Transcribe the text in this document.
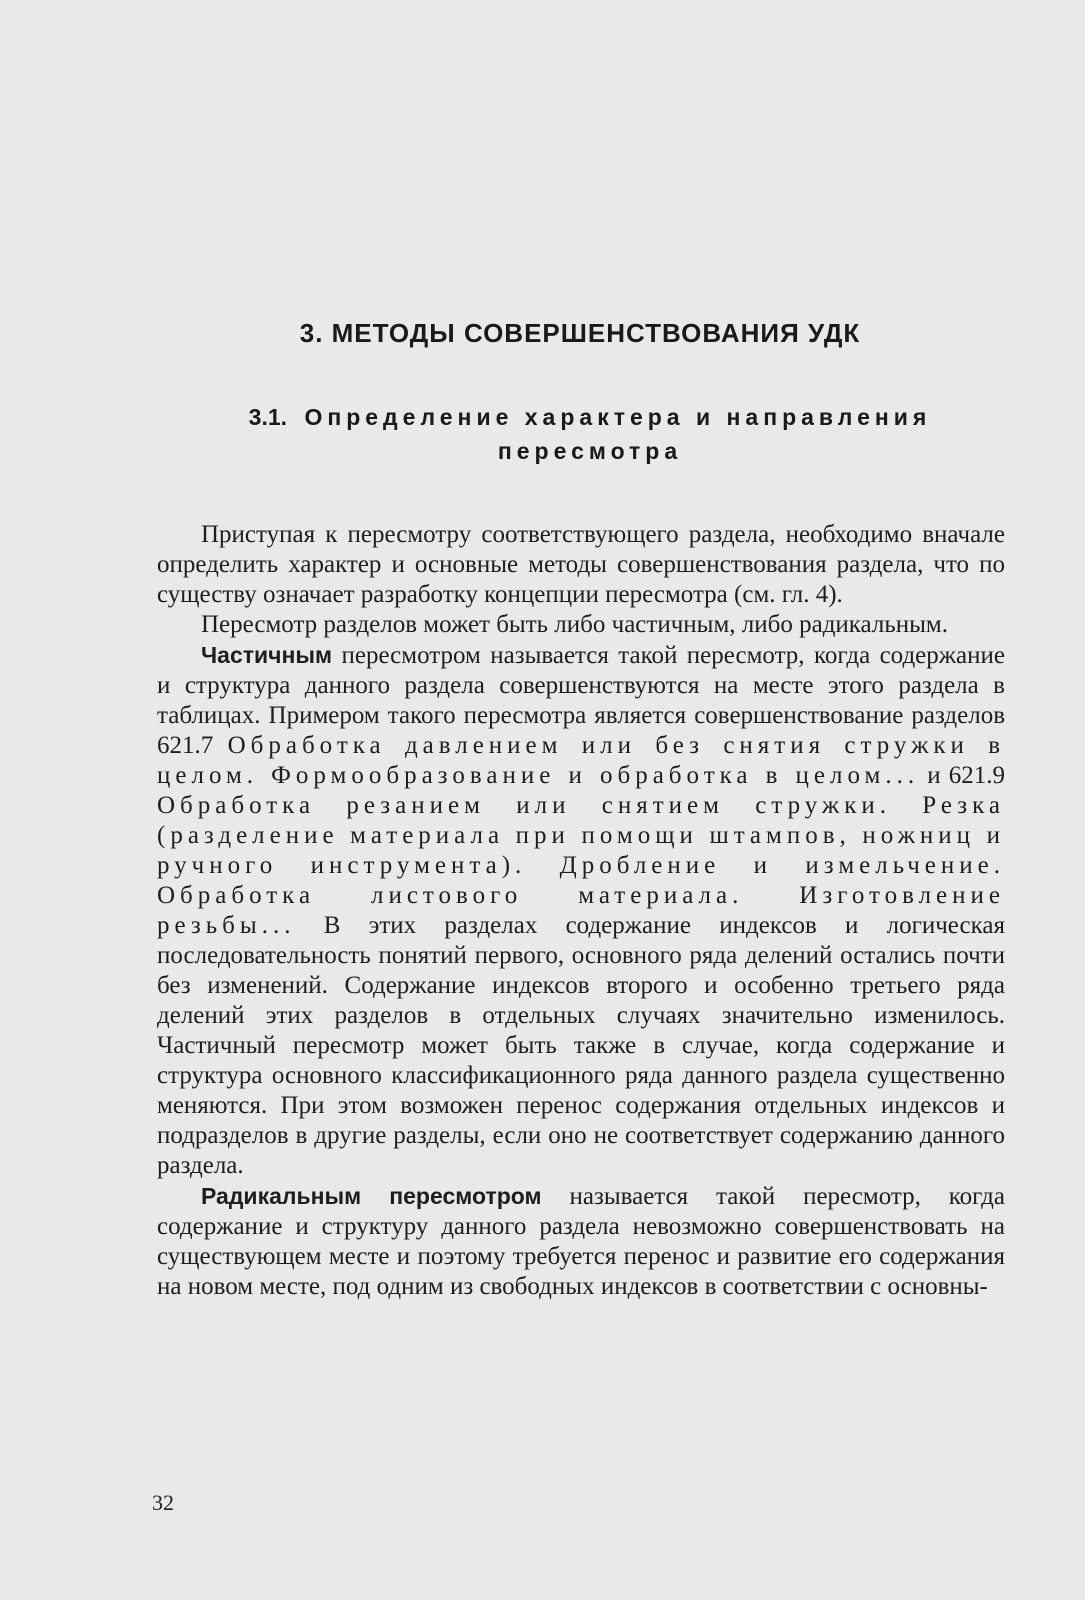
3. МЕТОДЫ СОВЕРШЕНСТВОВАНИЯ УДК
3.1. Определение характера и направления пересмотра

Приступая к пересмотру соответствующего раздела, необходимо вначале определить характер и основные методы совершенствования раздела, что по существу означает разработку концепции пересмотра (см. гл. 4).

Пересмотр разделов может быть либо частичным, либо радикальным.

Частичным пересмотром называется такой пересмотр, когда содержание и структура данного раздела совершенствуются на месте этого раздела в таблицах. Примером такого пересмотра является совершенствование разделов 621.7 Обработка давлением или без снятия стружки в целом. Формообразование и обработка в целом... и 621.9 Обработка резанием или снятием стружки. Резка (разделение материала при помощи штампов, ножниц и ручного инструмента). Дробление и измельчение. Обработка листового материала. Изготовление резьбы... В этих разделах содержание индексов и логическая последовательность понятий первого, основного ряда делений остались почти без изменений. Содержание индексов второго и особенно третьего ряда делений этих разделов в отдельных случаях значительно изменилось. Частичный пересмотр может быть также в случае, когда содержание и структура основного классификационного ряда данного раздела существенно меняются. При этом возможен перенос содержания отдельных индексов и подразделов в другие разделы, если оно не соответствует содержанию данного раздела.

Радикальным пересмотром называется такой пересмотр, когда содержание и структуру данного раздела невозможно совершенствовать на существующем месте и поэтому требуется перенос и развитие его содержания на новом месте, под одним из свободных индексов в соответствии с основны-

32
